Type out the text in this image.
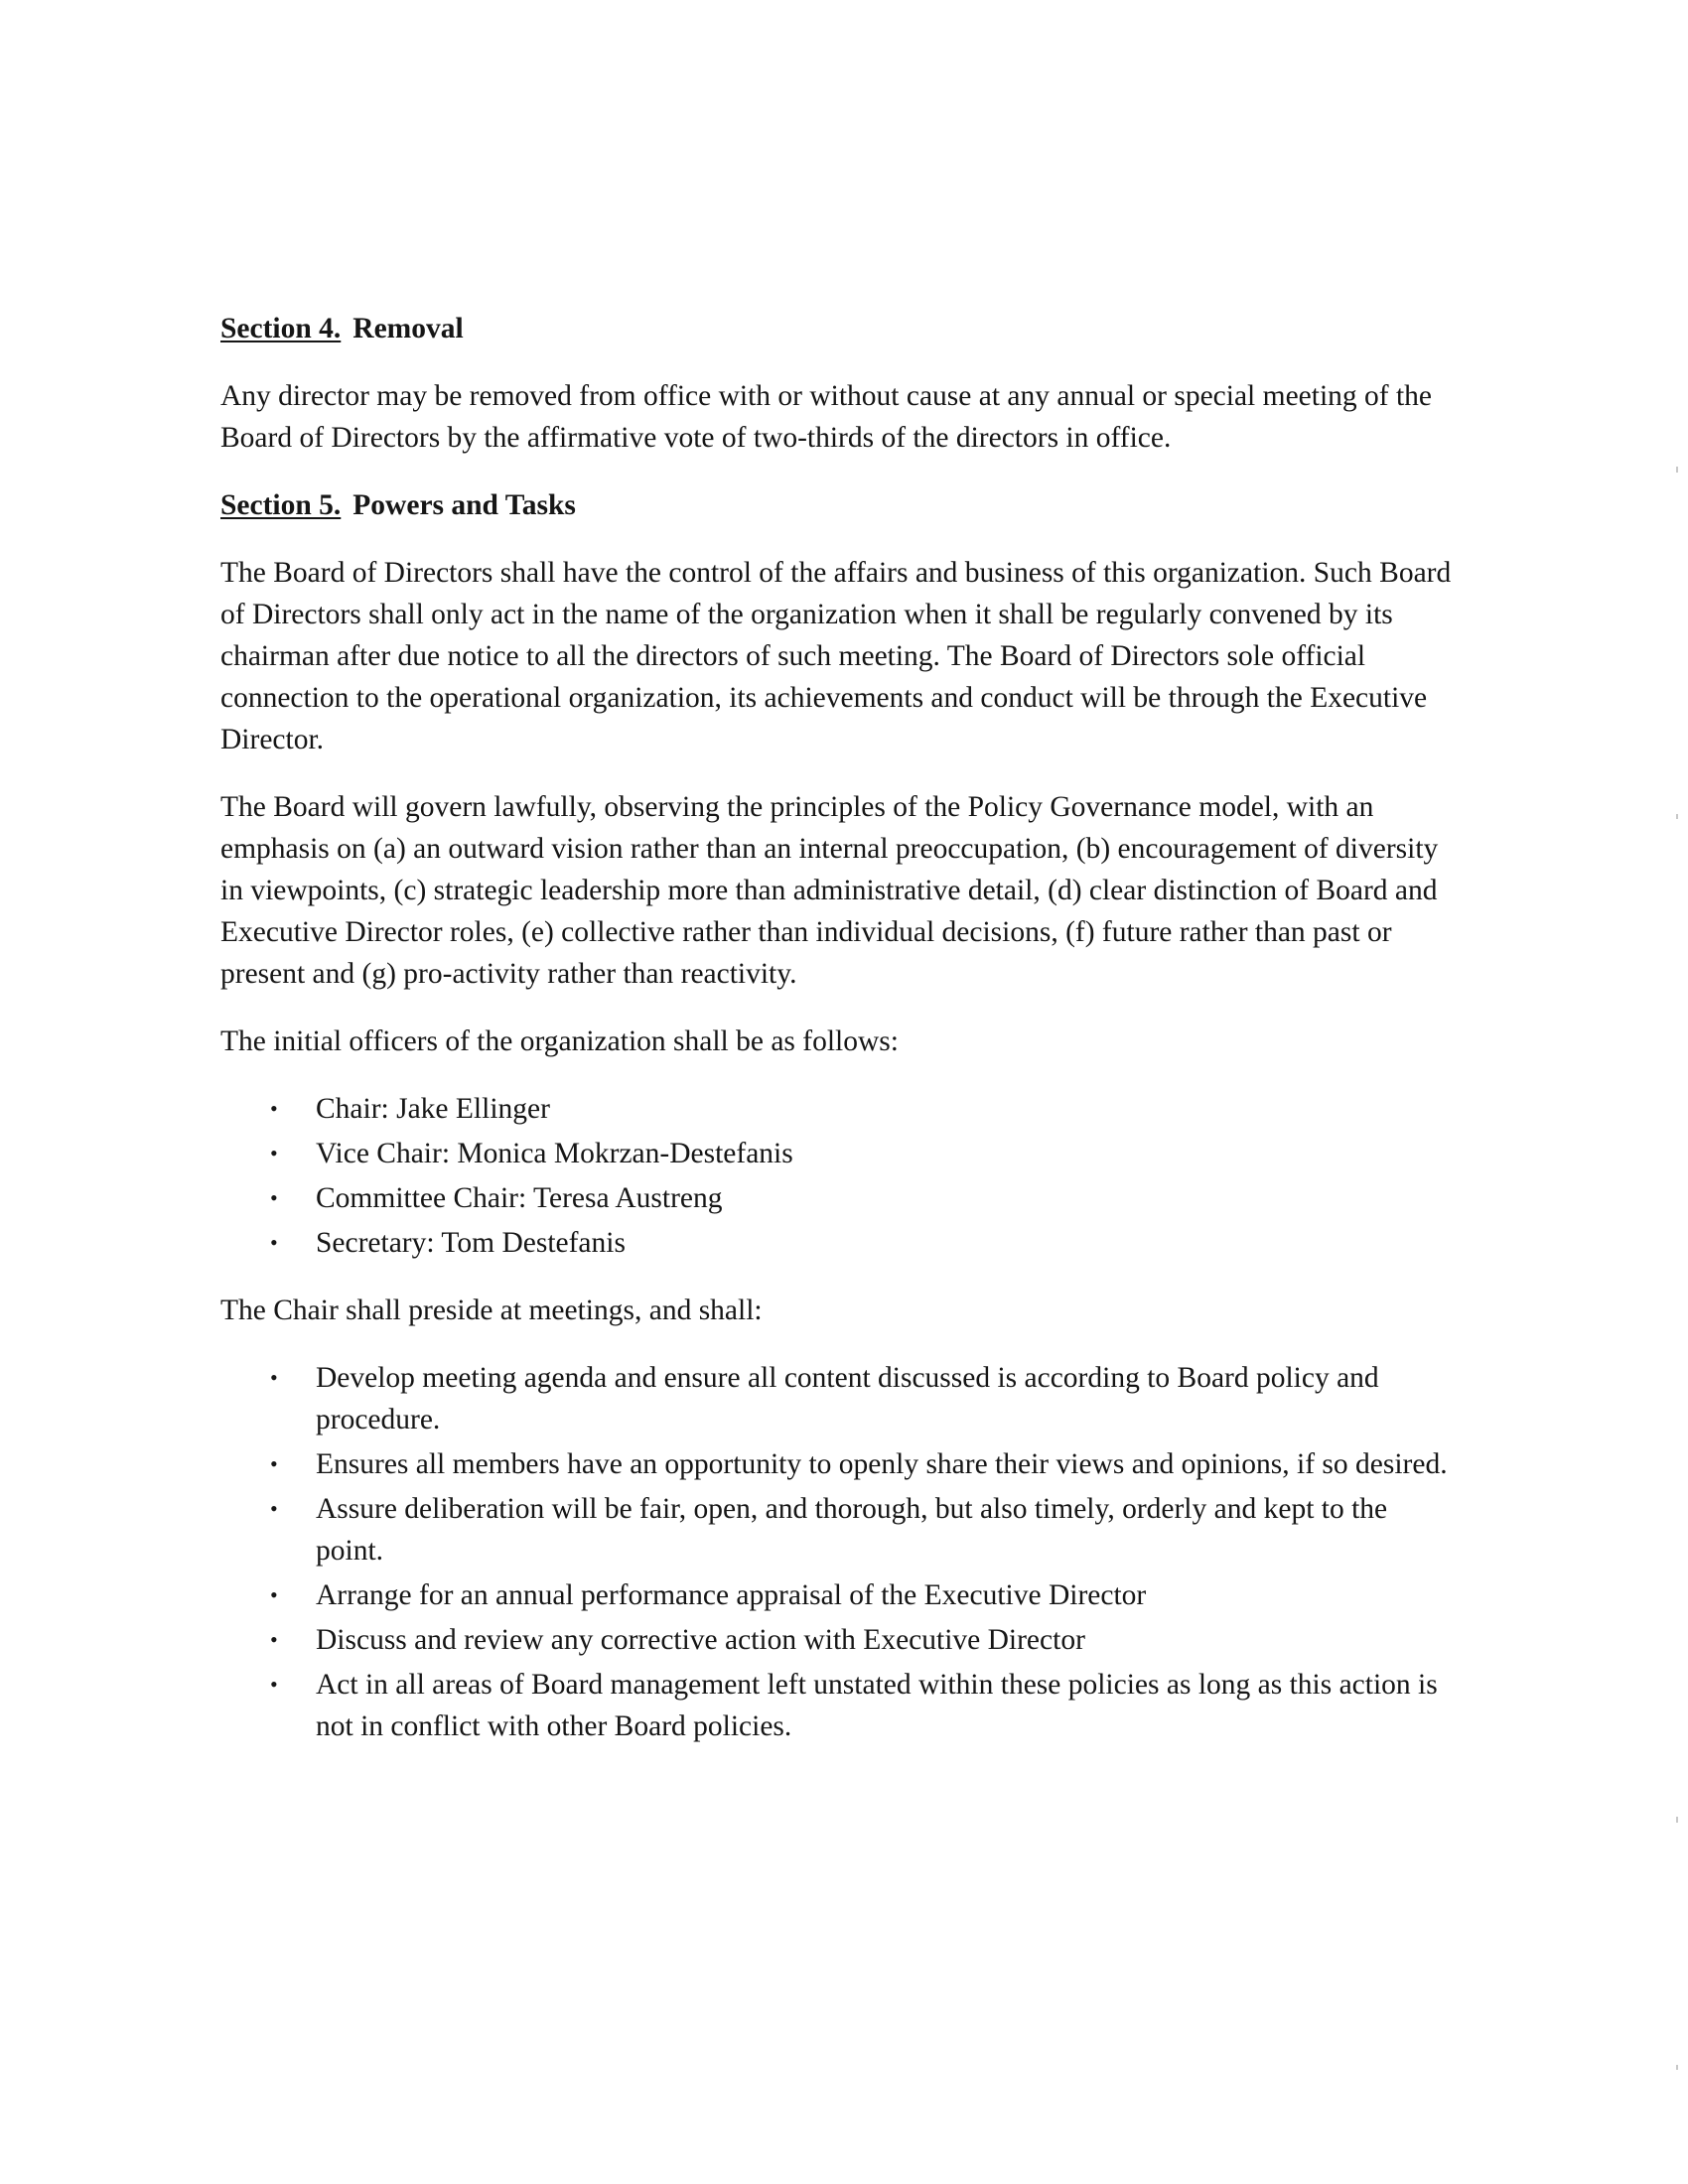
Section 4. Removal

Any director may be removed from office with or without cause at any annual or special meeting of the Board of Directors by the affirmative vote of two-thirds of the directors in office.

Section 5. Powers and Tasks

The Board of Directors shall have the control of the affairs and business of this organization. Such Board of Directors shall only act in the name of the organization when it shall be regularly convened by its chairman after due notice to all the directors of such meeting. The Board of Directors sole official connection to the operational organization, its achievements and conduct will be through the Executive Director.

The Board will govern lawfully, observing the principles of the Policy Governance model, with an emphasis on (a) an outward vision rather than an internal preoccupation, (b) encouragement of diversity in viewpoints, (c) strategic leadership more than administrative detail, (d) clear distinction of Board and Executive Director roles, (e) collective rather than individual decisions, (f) future rather than past or present and (g) pro-activity rather than reactivity.

The initial officers of the organization shall be as follows:

• Chair: Jake Ellinger
• Vice Chair: Monica Mokrzan-Destefanis
• Committee Chair: Teresa Austreng
• Secretary: Tom Destefanis

The Chair shall preside at meetings, and shall:

• Develop meeting agenda and ensure all content discussed is according to Board policy and procedure.
• Ensures all members have an opportunity to openly share their views and opinions, if so desired.
• Assure deliberation will be fair, open, and thorough, but also timely, orderly and kept to the point.
• Arrange for an annual performance appraisal of the Executive Director
• Discuss and review any corrective action with Executive Director
• Act in all areas of Board management left unstated within these policies as long as this action is not in conflict with other Board policies.
